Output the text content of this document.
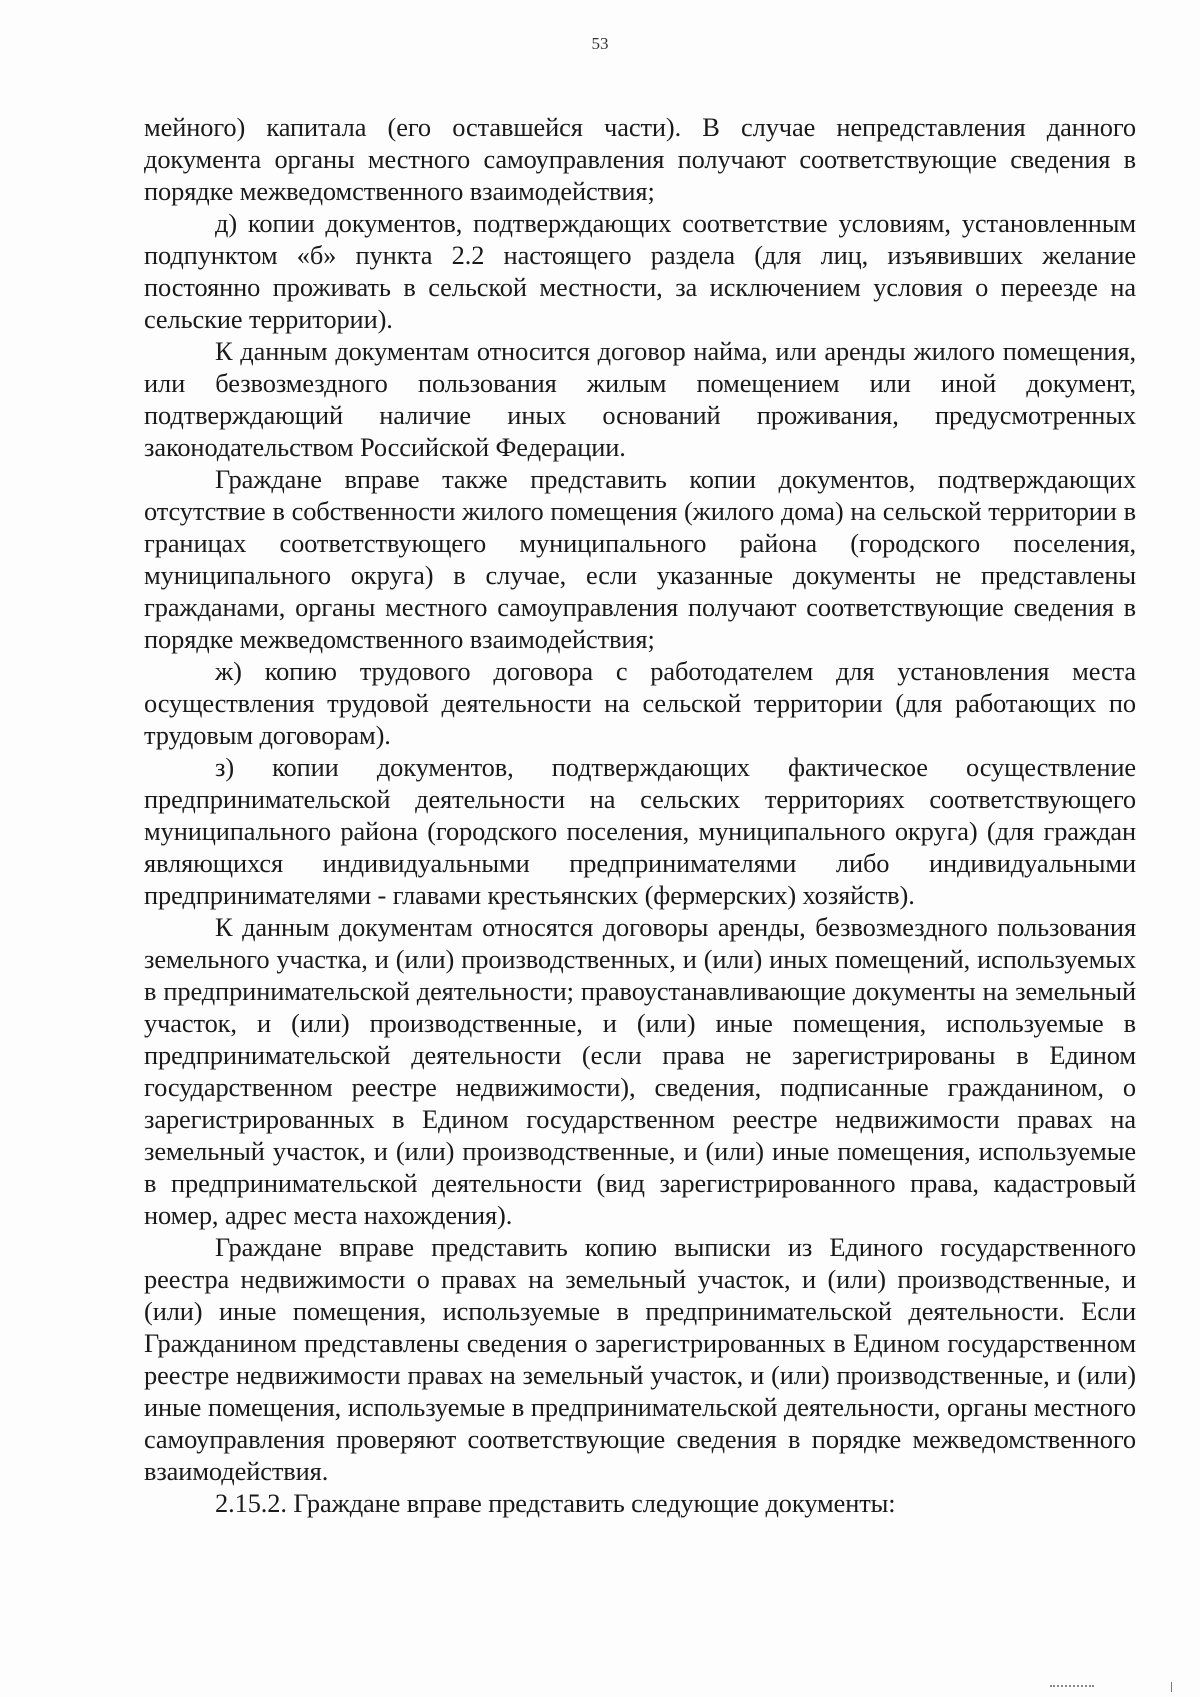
53

мейного) капитала (его оставшейся части). В случае непредставления данного документа органы местного самоуправления получают соответствующие сведения в порядке межведомственного взаимодействия;

д) копии документов, подтверждающих соответствие условиям, установленным подпунктом «б» пункта 2.2 настоящего раздела (для лиц, изъявивших желание постоянно проживать в сельской местности, за исключением условия о переезде на сельские территории).

К данным документам относится договор найма, или аренды жилого помещения, или безвозмездного пользования жилым помещением или иной документ, подтверждающий наличие иных оснований проживания, предусмотренных законодательством Российской Федерации.

Граждане вправе также представить копии документов, подтверждающих отсутствие в собственности жилого помещения (жилого дома) на сельской территории в границах соответствующего муниципального района (городского поселения, муниципального округа) в случае, если указанные документы не представлены гражданами, органы местного самоуправления получают соответствующие сведения в порядке межведомственного взаимодействия;

ж) копию трудового договора с работодателем для установления места осуществления трудовой деятельности на сельской территории (для работающих по трудовым договорам).

з) копии документов, подтверждающих фактическое осуществление предпринимательской деятельности на сельских территориях соответствующего муниципального района (городского поселения, муниципального округа) (для граждан являющихся индивидуальными предпринимателями либо индивидуальными предпринимателями - главами крестьянских (фермерских) хозяйств).

К данным документам относятся договоры аренды, безвозмездного пользования земельного участка, и (или) производственных, и (или) иных помещений, используемых в предпринимательской деятельности; правоустанавливающие документы на земельный участок, и (или) производственные, и (или) иные помещения, используемые в предпринимательской деятельности (если права не зарегистрированы в Едином государственном реестре недвижимости), сведения, подписанные гражданином, о зарегистрированных в Едином государственном реестре недвижимости правах на земельный участок, и (или) производственные, и (или) иные помещения, используемые в предпринимательской деятельности (вид зарегистрированного права, кадастровый номер, адрес места нахождения).

Граждане вправе представить копию выписки из Единого государственного реестра недвижимости о правах на земельный участок, и (или) производственные, и (или) иные помещения, используемые в предпринимательской деятельности. Если Гражданином представлены сведения о зарегистрированных в Едином государственном реестре недвижимости правах на земельный участок, и (или) производственные, и (или) иные помещения, используемые в предпринимательской деятельности, органы местного самоуправления проверяют соответствующие сведения в порядке межведомственного взаимодействия.

2.15.2. Граждане вправе представить следующие документы:
